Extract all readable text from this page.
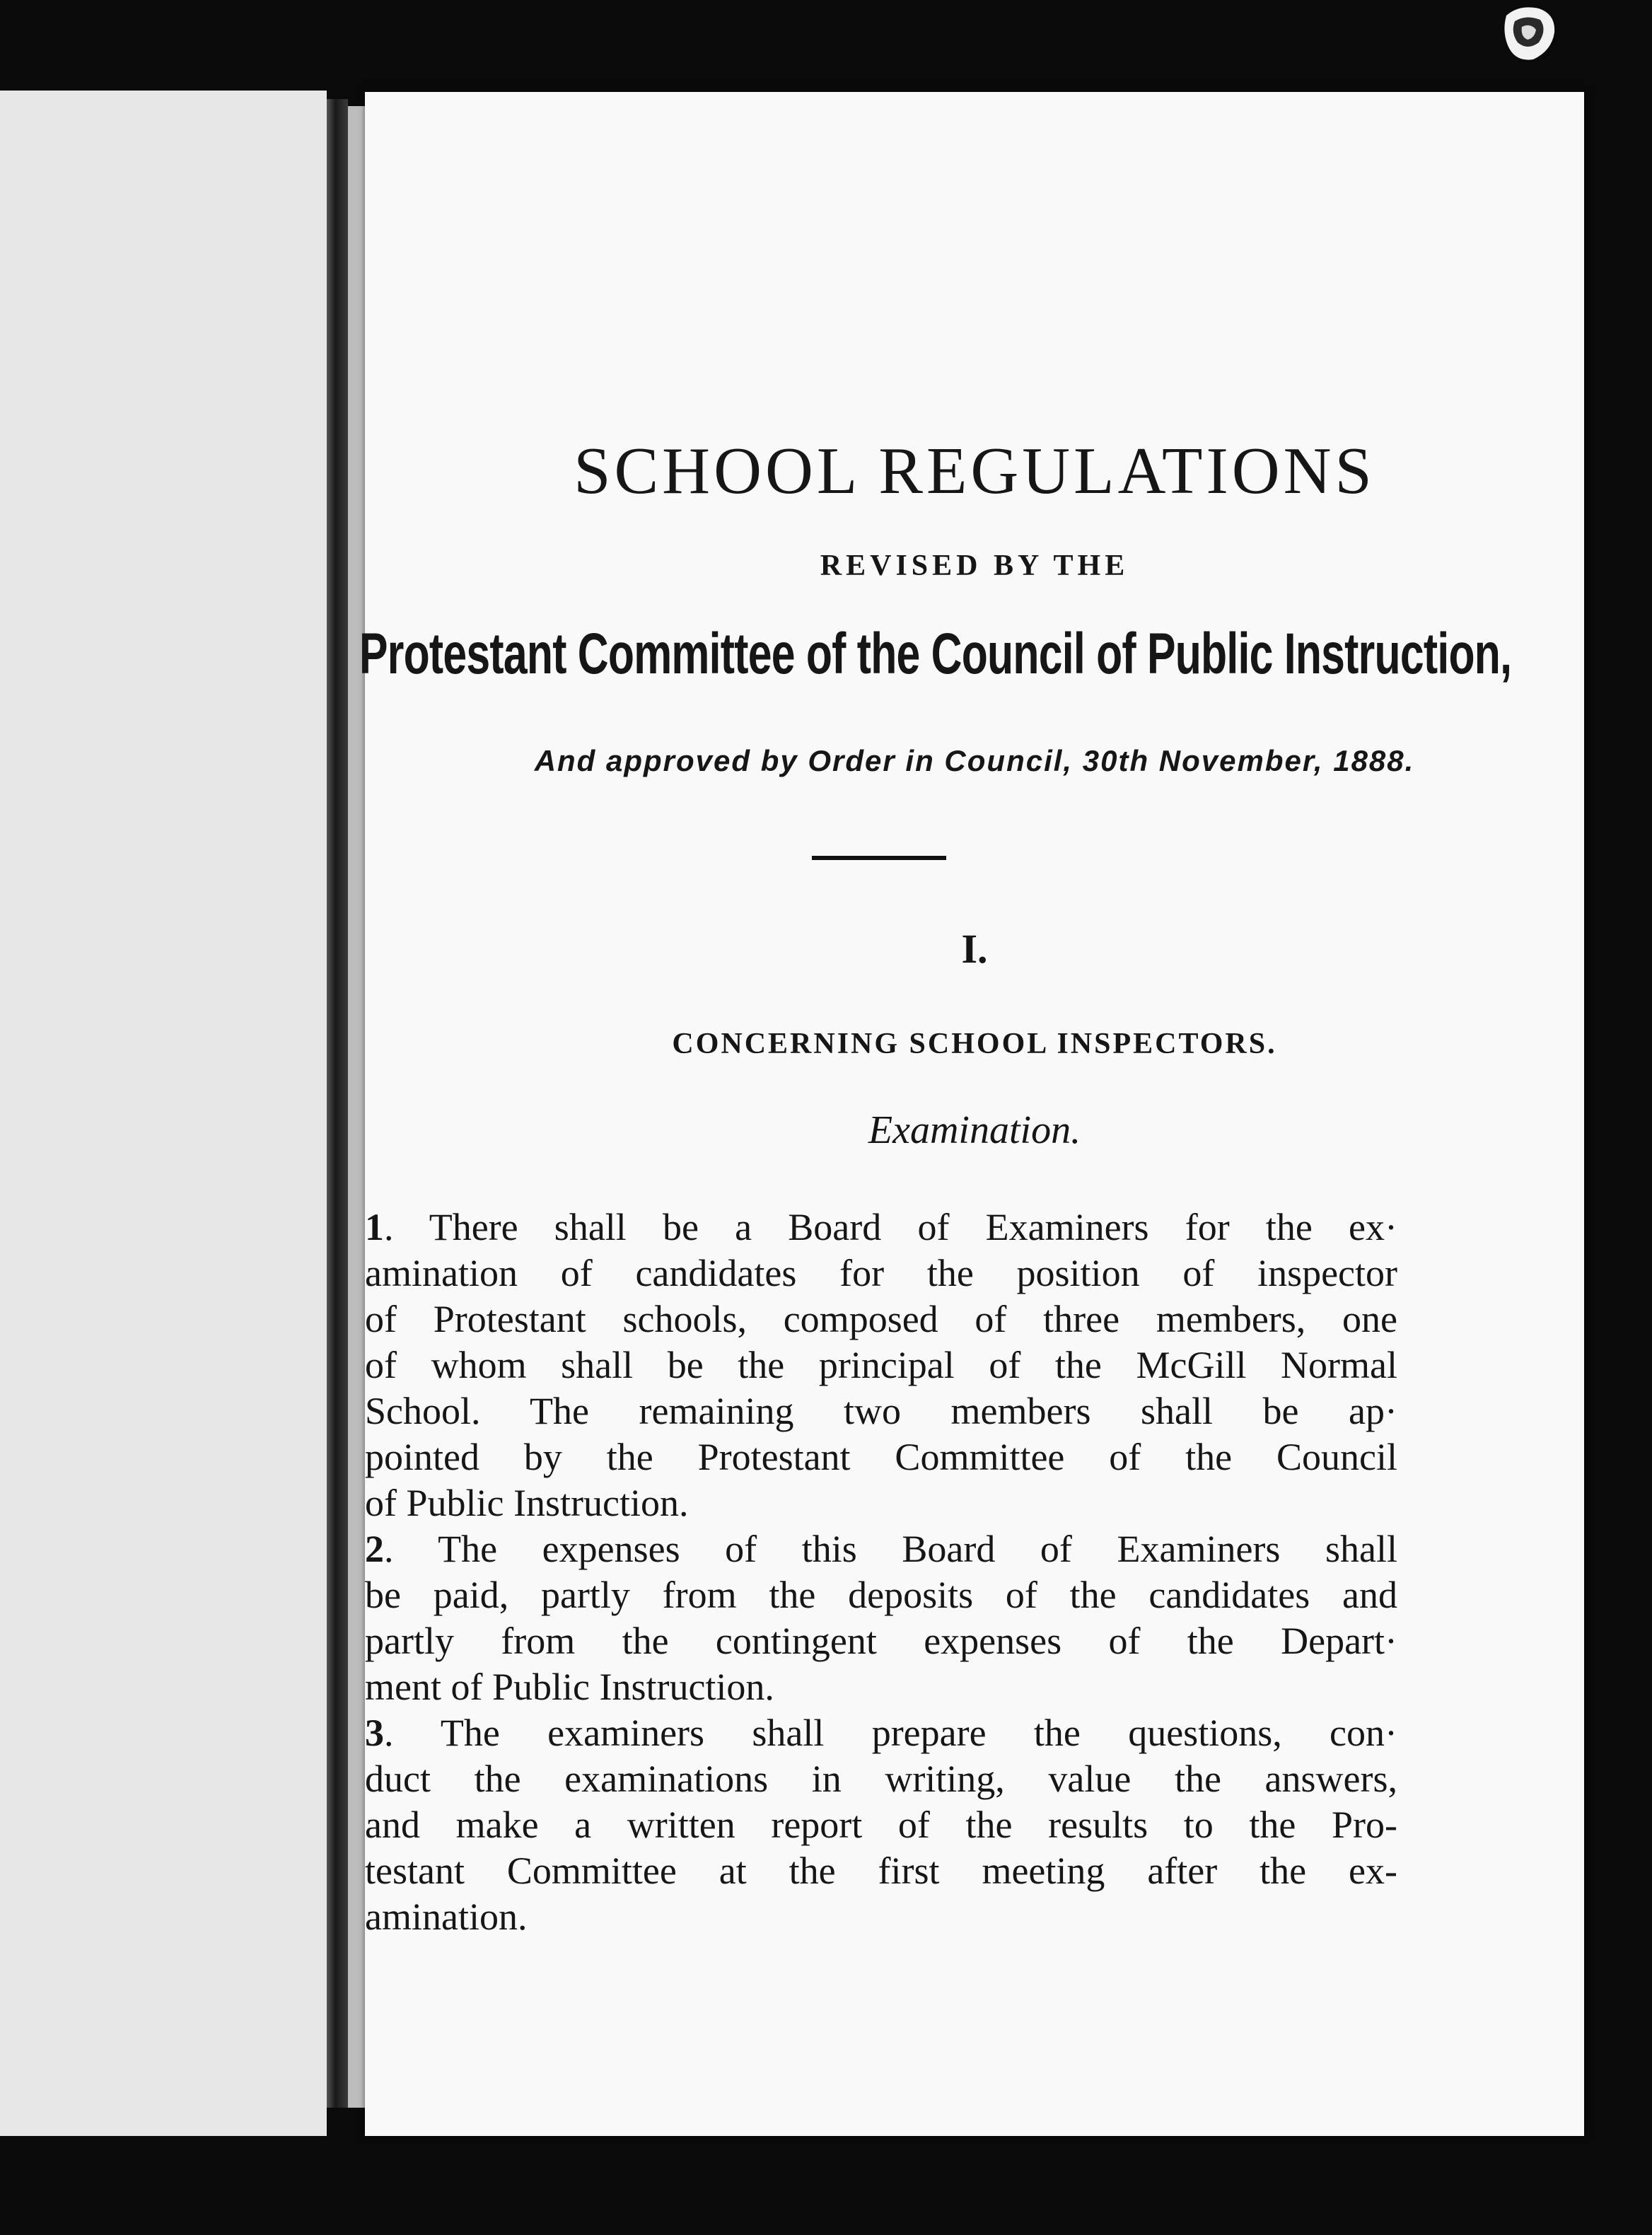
SCHOOL REGULATIONS
REVISED BY THE
Protestant Committee of the Council of Public Instruction,
And approved by Order in Council, 30th November, 1888.
I.
CONCERNING SCHOOL INSPECTORS.
Examination.
1. There shall be a Board of Examiners for the ex·
amination of candidates for the position of inspector
of Protestant schools, composed of three members, one
of whom shall be the principal of the McGill Normal
School. The remaining two members shall be ap·
pointed by the Protestant Committee of the Council
of Public Instruction.
2. The expenses of this Board of Examiners shall
be paid, partly from the deposits of the candidates and
partly from the contingent expenses of the Depart·
ment of Public Instruction.
3. The examiners shall prepare the questions, con·
duct the examinations in writing, value the answers,
and make a written report of the results to the Pro-
testant Committee at the first meeting after the ex-
amination.
